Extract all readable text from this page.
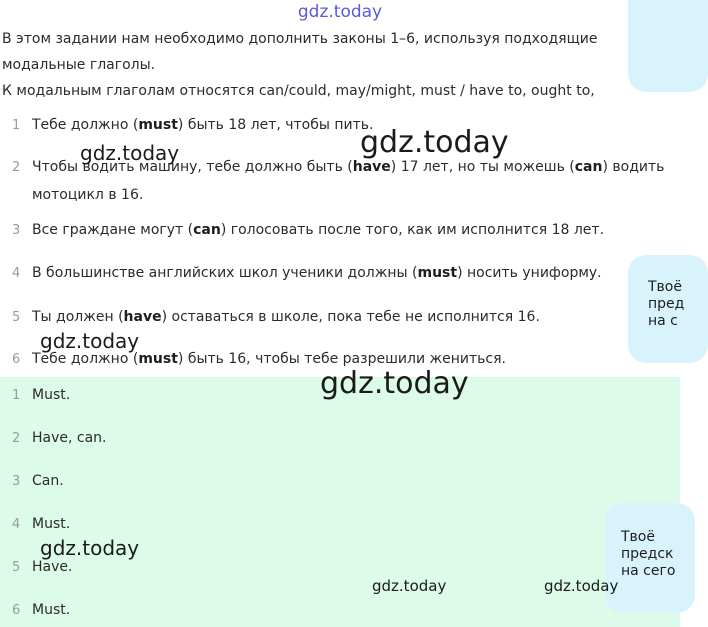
gdz.today
В этом задании нам необходимо дополнить законы 1–6, используя подходящие
модальные глаголы.
К модальным глаголам относятся can/could, may/might, must / have to, ought to,
1 Тебе должно (must) быть 18 лет, чтобы пить.
2 Чтобы водить машину, тебе должно быть (have) 17 лет, но ты можешь (can) водить
мотоцикл в 16.
3 Все граждане могут (can) голосовать после того, как им исполнится 18 лет.
4 В большинстве английских школ ученики должны (must) носить униформу.
5 Ты должен (have) оставаться в школе, пока тебе не исполнится 16.
6 Тебе должно (must) быть 16, чтобы тебе разрешили жениться.
1 Must.
2 Have, can.
3 Can.
4 Must.
5 Have.
6 Must.
Твоё
пред
на с
Твоё
предск
на сего
gdz.today
gdz.today
gdz.today
gdz.today
gdz.today
gdz.today	gdz.today
